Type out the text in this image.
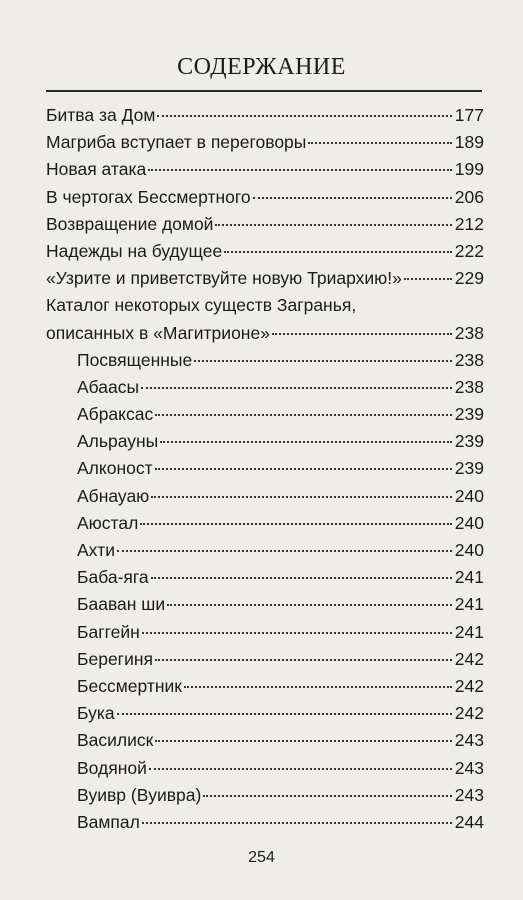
СОДЕРЖАНИЕ
Битва за Дом	177
Магриба вступает в переговоры	189
Новая атака	199
В чертогах Бессмертного	206
Возвращение домой	212
Надежды на будущее	222
«Узрите и приветствуйте новую Триархию!»	229
Каталог некоторых существ Загранья,
описанных в «Магитрионе»	238
Посвященные	238
Абаасы	238
Абраксас	239
Альрауны	239
Алконост	239
Абнауаю	240
Аюстал	240
Ахти	240
Баба-яга	241
Бааван ши	241
Баггейн	241
Берегиня	242
Бессмертник	242
Бука	242
Василиск	243
Водяной	243
Вуивр (Вуивра)	243
Вампал	244
254
